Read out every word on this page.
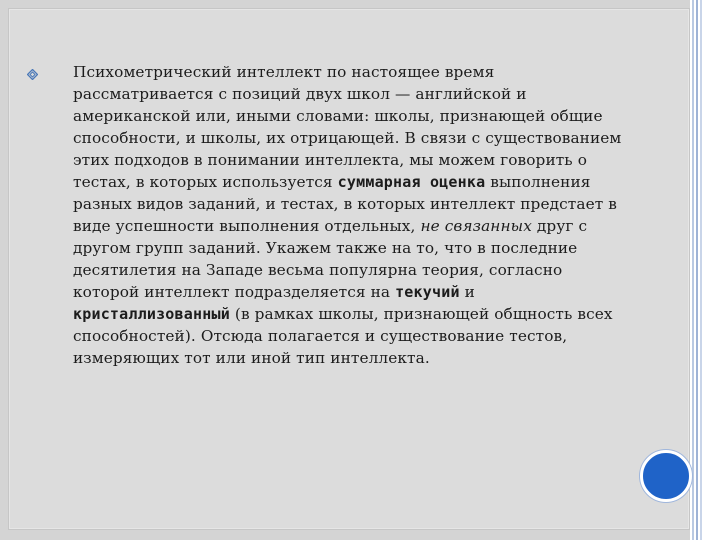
Психометрический интеллект по настоящее время рассматривается с позиций двух школ — английской и американской или, иными словами: школы, признающей общие способности, и школы, их отрицающей. В связи с существованием этих подходов в понимании интеллекта, мы можем говорить о тестах, в которых используется суммарная оценка выполнения разных видов заданий, и тестах, в которых интеллект предстает в виде успешности выполнения отдельных, не связанных друг с другом групп заданий. Укажем также на то, что в последние десятилетия на Западе весьма популярна теория, согласно которой интеллект подразделяется на текучий и кристаллизованный (в рамках школы, признающей общность всех способностей). Отсюда полагается и существование тестов, измеряющих тот или иной тип интеллекта.
